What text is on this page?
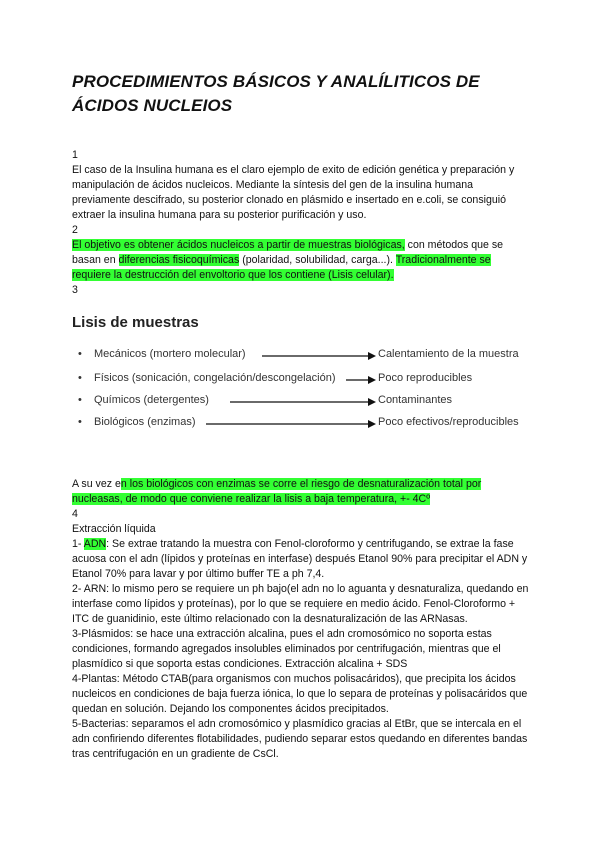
PROCEDIMIENTOS BÁSICOS Y ANALÍLITICOS DE ÁCIDOS NUCLEIOS

1

El caso de la Insulina humana es el claro ejemplo de exito de edición genética y preparación y manipulación de ácidos nucleicos. Mediante la síntesis del gen de la insulina humana previamente descifrado, su posterior clonado en plásmido e insertado en e.coli, se consiguió extraer la insulina humana para su posterior purificación y uso.

2

El objetivo es obtener ácidos nucleicos a partir de muestras biológicas, con métodos que se basan en diferencias fisicoquímicas (polaridad, solubilidad, carga...). Tradicionalmente se requiere la destrucción del envoltorio que los contiene (Lisis celular).

3

Lisis de muestras
• Mecánicos (mortero molecular)	Calentamiento de la muestra
• Físicos (sonicación, congelación/descongelación)	Poco reproducibles
• Químicos (detergentes)	Contaminantes
• Biológicos (enzimas)	Poco efectivos/reproducibles

A su vez en los biológicos con enzimas se corre el riesgo de desnaturalización total por nucleasas, de modo que conviene realizar la lisis a baja temperatura, +- 4Cº

4

Extracción líquida

1- ADN: Se extrae tratando la muestra con Fenol-cloroformo y centrifugando, se extrae la fase acuosa con el adn (lípidos y proteínas en interfase) después Etanol 90% para precipitar el ADN y Etanol 70% para lavar y por último buffer TE a ph 7,4.

2- ARN: lo mismo pero se requiere un ph bajo(el adn no lo aguanta y desnaturaliza, quedando en interfase como lípidos y proteínas), por lo que se requiere en medio ácido. Fenol-Cloroformo + ITC de guanidinio, este último relacionado con la desnaturalización de las ARNasas.

3-Plásmidos: se hace una extracción alcalina, pues el adn cromosómico no soporta estas condiciones, formando agregados insolubles eliminados por centrifugación, mientras que el plasmídico si que soporta estas condiciones. Extracción alcalina + SDS

4-Plantas: Método CTAB(para organismos con muchos polisacáridos), que precipita los ácidos nucleicos en condiciones de baja fuerza iónica, lo que lo separa de proteínas y polisacáridos que quedan en solución. Dejando los componentes ácidos precipitados.

5-Bacterias: separamos el adn cromosómico y plasmídico gracias al EtBr, que se intercala en el adn confiriendo diferentes flotabilidades, pudiendo separar estos quedando en diferentes bandas tras centrifugación en un gradiente de CsCl.
